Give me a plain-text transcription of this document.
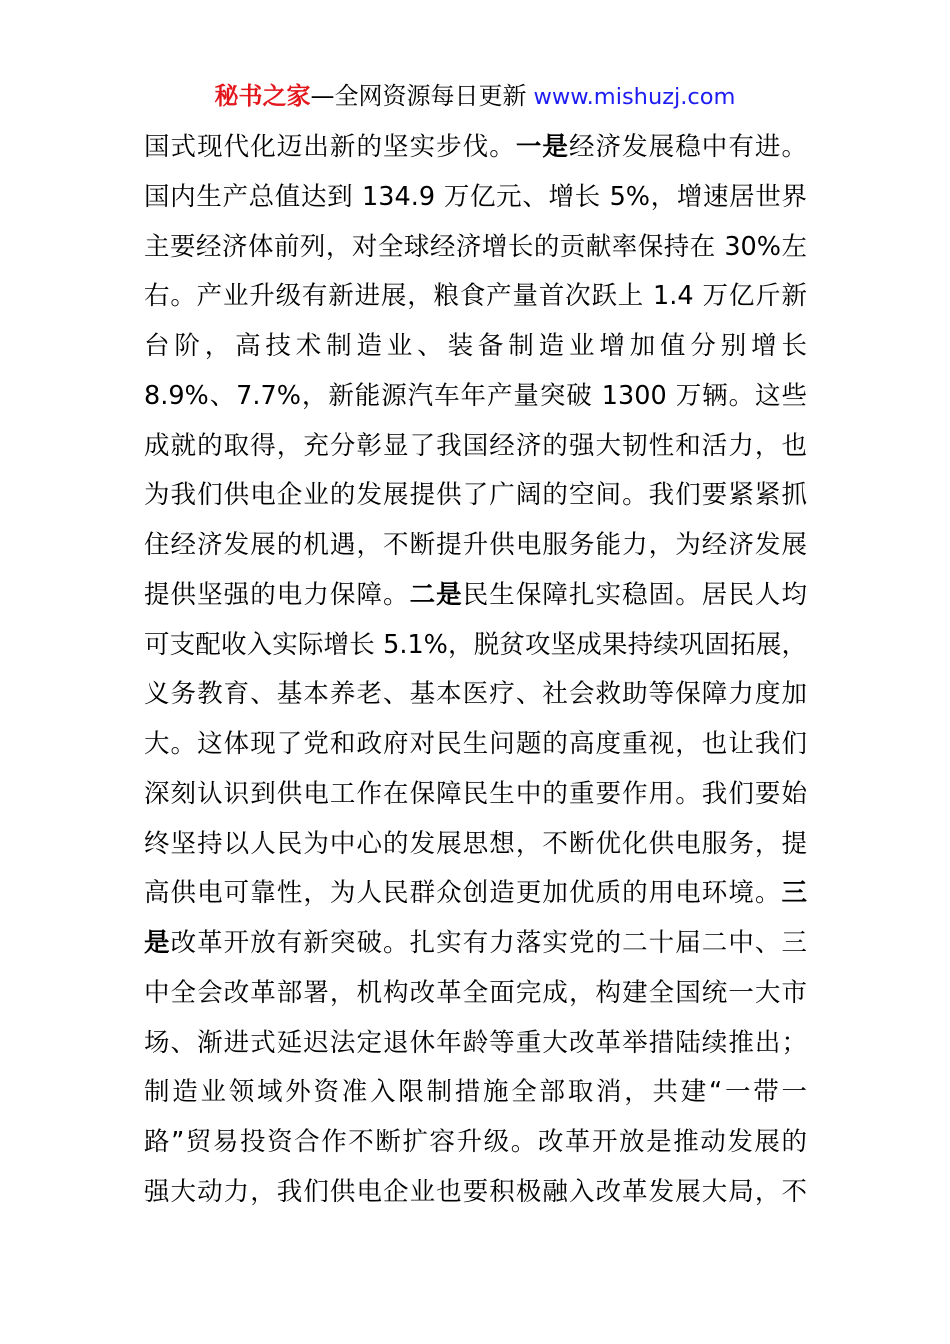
秘书之家—全网资源每日更新 www.mishuzj.com

国式现代化迈出新的坚实步伐。一是经济发展稳中有进。

国内生产总值达到 134.9 万亿元、增长 5%，增速居世界

主要经济体前列，对全球经济增长的贡献率保持在 30%左

右。产业升级有新进展，粮食产量首次跃上 1.4 万亿斤新

台阶，高技术制造业、装备制造业增加值分别增长

8.9%、7.7%，新能源汽车年产量突破 1300 万辆。这些

成就的取得，充分彰显了我国经济的强大韧性和活力，也

为我们供电企业的发展提供了广阔的空间。我们要紧紧抓

住经济发展的机遇，不断提升供电服务能力，为经济发展

提供坚强的电力保障。二是民生保障扎实稳固。居民人均

可支配收入实际增长 5.1%，脱贫攻坚成果持续巩固拓展，

义务教育、基本养老、基本医疗、社会救助等保障力度加

大。这体现了党和政府对民生问题的高度重视，也让我们

深刻认识到供电工作在保障民生中的重要作用。我们要始

终坚持以人民为中心的发展思想，不断优化供电服务，提

高供电可靠性，为人民群众创造更加优质的用电环境。三

是改革开放有新突破。扎实有力落实党的二十届二中、三

中全会改革部署，机构改革全面完成，构建全国统一大市

场、渐进式延迟法定退休年龄等重大改革举措陆续推出；

制造业领域外资准入限制措施全部取消，共建“一带一

路”贸易投资合作不断扩容升级。改革开放是推动发展的

强大动力，我们供电企业也要积极融入改革发展大局，不
